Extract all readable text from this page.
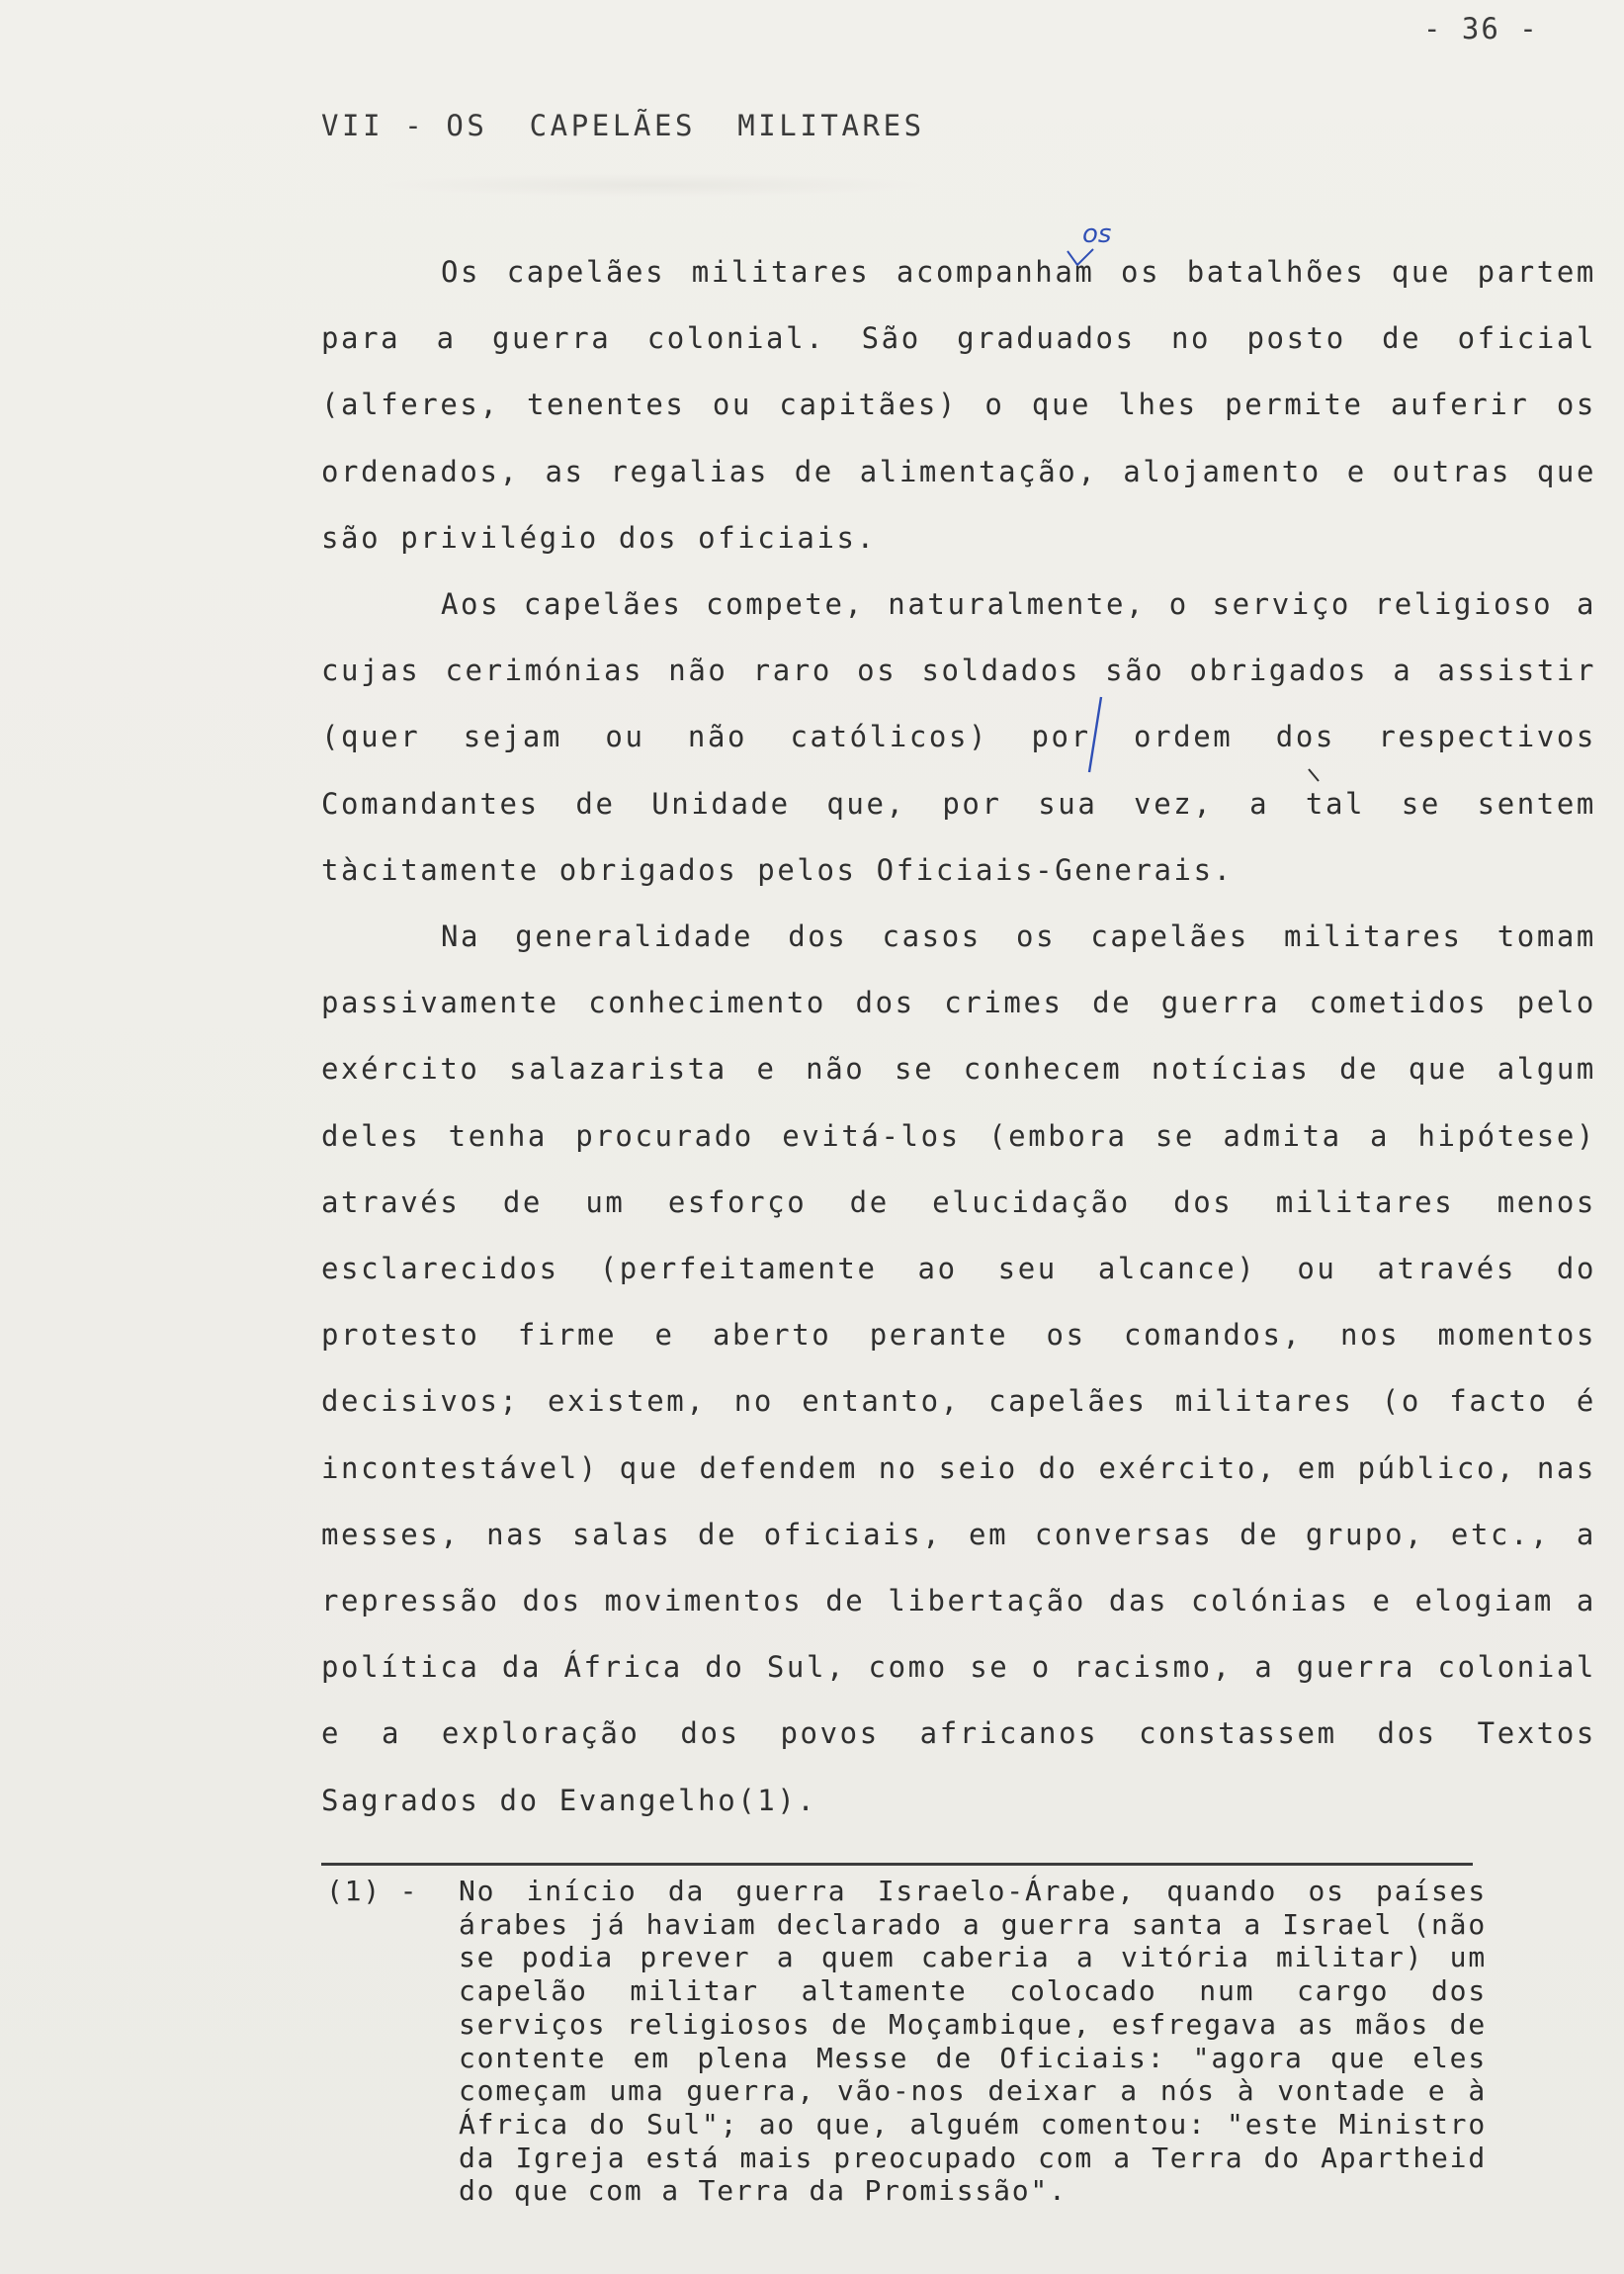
- 36 -
VII - OS  CAPELÃES  MILITARES
os

Os capelães militares acompanham os batalhões que partem para a guerra colonial. São graduados no posto de oficial (alferes, tenentes ou capitães) o que lhes permite auferir os ordenados, as regalias de alimentação, alojamento e outras que são privilégio dos oficiais.

Aos capelães compete, naturalmente, o serviço religioso a cujas cerimónias não raro os soldados são obrigados a assistir (quer sejam ou não católicos) por ordem dos respectivos Comandantes de Unidade que, por sua vez, a tal se sentem tàcitamente obrigados pelos Oficiais-Generais.

Na generalidade dos casos os capelães militares tomam passivamente conhecimento dos crimes de guerra cometidos pelo exército salazarista e não se conhecem notícias de que algum deles tenha procurado evitá-los (embora se admita a hipótese) através de um esforço de elucidação dos militares menos esclarecidos (perfeitamente ao seu alcance) ou através do protesto firme e aberto perante os comandos, nos momentos decisivos; existem, no entanto, capelães militares (o facto é incontestável) que defendem no seio do exército, em público, nas messes, nas salas de oficiais, em conversas de grupo, etc., a repressão dos movimentos de libertação das colónias e elogiam a política da África do Sul, como se o racismo, a guerra colonial e a exploração dos povos africanos constassem dos Textos Sagrados do Evangelho(1).

(1) - No início da guerra Israelo-Árabe, quando os países árabes já haviam declarado a guerra santa a Israel (não se podia prever a quem caberia a vitória militar) um capelão militar altamente colocado num cargo dos serviços religiosos de Moçambique, esfregava as mãos de contente em plena Messe de Oficiais: "agora que eles começam uma guerra, vão-nos deixar a nós à vontade e à África do Sul"; ao que, alguém comentou: "este Ministro da Igreja está mais preocupado com a Terra do Apartheid do que com a Terra da Promissão".
